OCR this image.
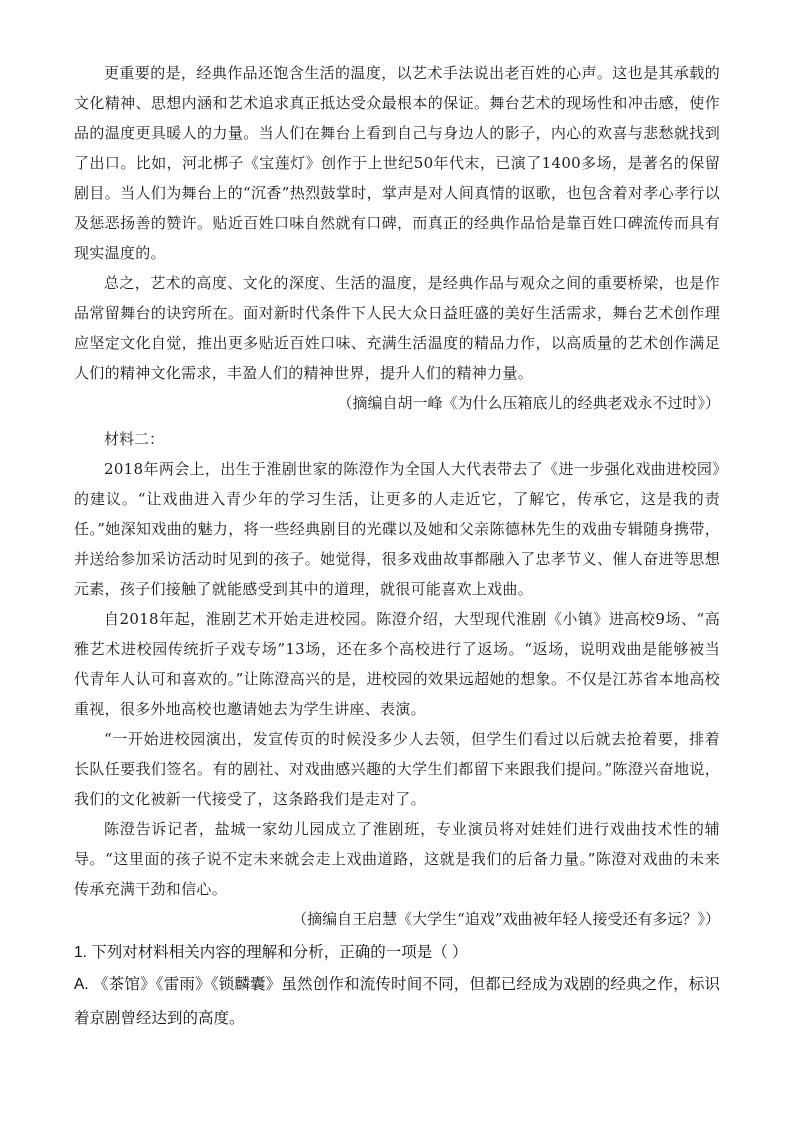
更重要的是，经典作品还饱含生活的温度，以艺术手法说出老百姓的心声。这也是其承载的文化精神、思想内涵和艺术追求真正抵达受众最根本的保证。舞台艺术的现场性和冲击感，使作品的温度更具暖人的力量。当人们在舞台上看到自己与身边人的影子，内心的欢喜与悲愁就找到了出口。比如，河北梆子《宝莲灯》创作于上世纪50年代末，已演了1400多场，是著名的保留剧目。当人们为舞台上的“沉香”热烈鼓掌时，掌声是对人间真情的讴歌，也包含着对孝心孝行以及惩恶扬善的赞许。贴近百姓口味自然就有口碑，而真正的经典作品恰是靠百姓口碑流传而具有现实温度的。

总之，艺术的高度、文化的深度、生活的温度，是经典作品与观众之间的重要桥梁，也是作品常留舞台的诀窍所在。面对新时代条件下人民大众日益旺盛的美好生活需求，舞台艺术创作理应坚定文化自觉，推出更多贴近百姓口味、充满生活温度的精品力作，以高质量的艺术创作满足人们的精神文化需求，丰盈人们的精神世界，提升人们的精神力量。

（摘编自胡一峰《为什么压箱底儿的经典老戏永不过时》）

材料二：

2018年两会上，出生于淮剧世家的陈澄作为全国人大代表带去了《进一步强化戏曲进校园》的建议。“让戏曲进入青少年的学习生活，让更多的人走近它，了解它，传承它，这是我的责任。”她深知戏曲的魅力，将一些经典剧目的光碟以及她和父亲陈德林先生的戏曲专辑随身携带，并送给参加采访活动时见到的孩子。她觉得，很多戏曲故事都融入了忠孝节义、催人奋进等思想元素，孩子们接触了就能感受到其中的道理，就很可能喜欢上戏曲。

自2018年起，淮剧艺术开始走进校园。陈澄介绍，大型现代淮剧《小镇》进高校9场、“高雅艺术进校园传统折子戏专场”13场，还在多个高校进行了返场。“返场，说明戏曲是能够被当代青年人认可和喜欢的。”让陈澄高兴的是，进校园的效果远超她的想象。不仅是江苏省本地高校重视，很多外地高校也邀请她去为学生讲座、表演。

“一开始进校园演出，发宣传页的时候没多少人去领，但学生们看过以后就去抢着要，排着长队任要我们签名。有的剧社、对戏曲感兴趣的大学生们都留下来跟我们提问。”陈澄兴奋地说，我们的文化被新一代接受了，这条路我们是走对了。

陈澄告诉记者，盐城一家幼儿园成立了淮剧班，专业演员将对娃娃们进行戏曲技术性的辅导。“这里面的孩子说不定未来就会走上戏曲道路，这就是我们的后备力量。”陈澄对戏曲的未来传承充满干劲和信心。

（摘编自王启慧《大学生“追戏”戏曲被年轻人接受还有多远？》）

1. 下列对材料相关内容的理解和分析，正确的一项是（ ）

A. 《茶馆》《雷雨》《锁麟囊》虽然创作和流传时间不同，但都已经成为戏剧的经典之作，标识着京剧曾经达到的高度。
